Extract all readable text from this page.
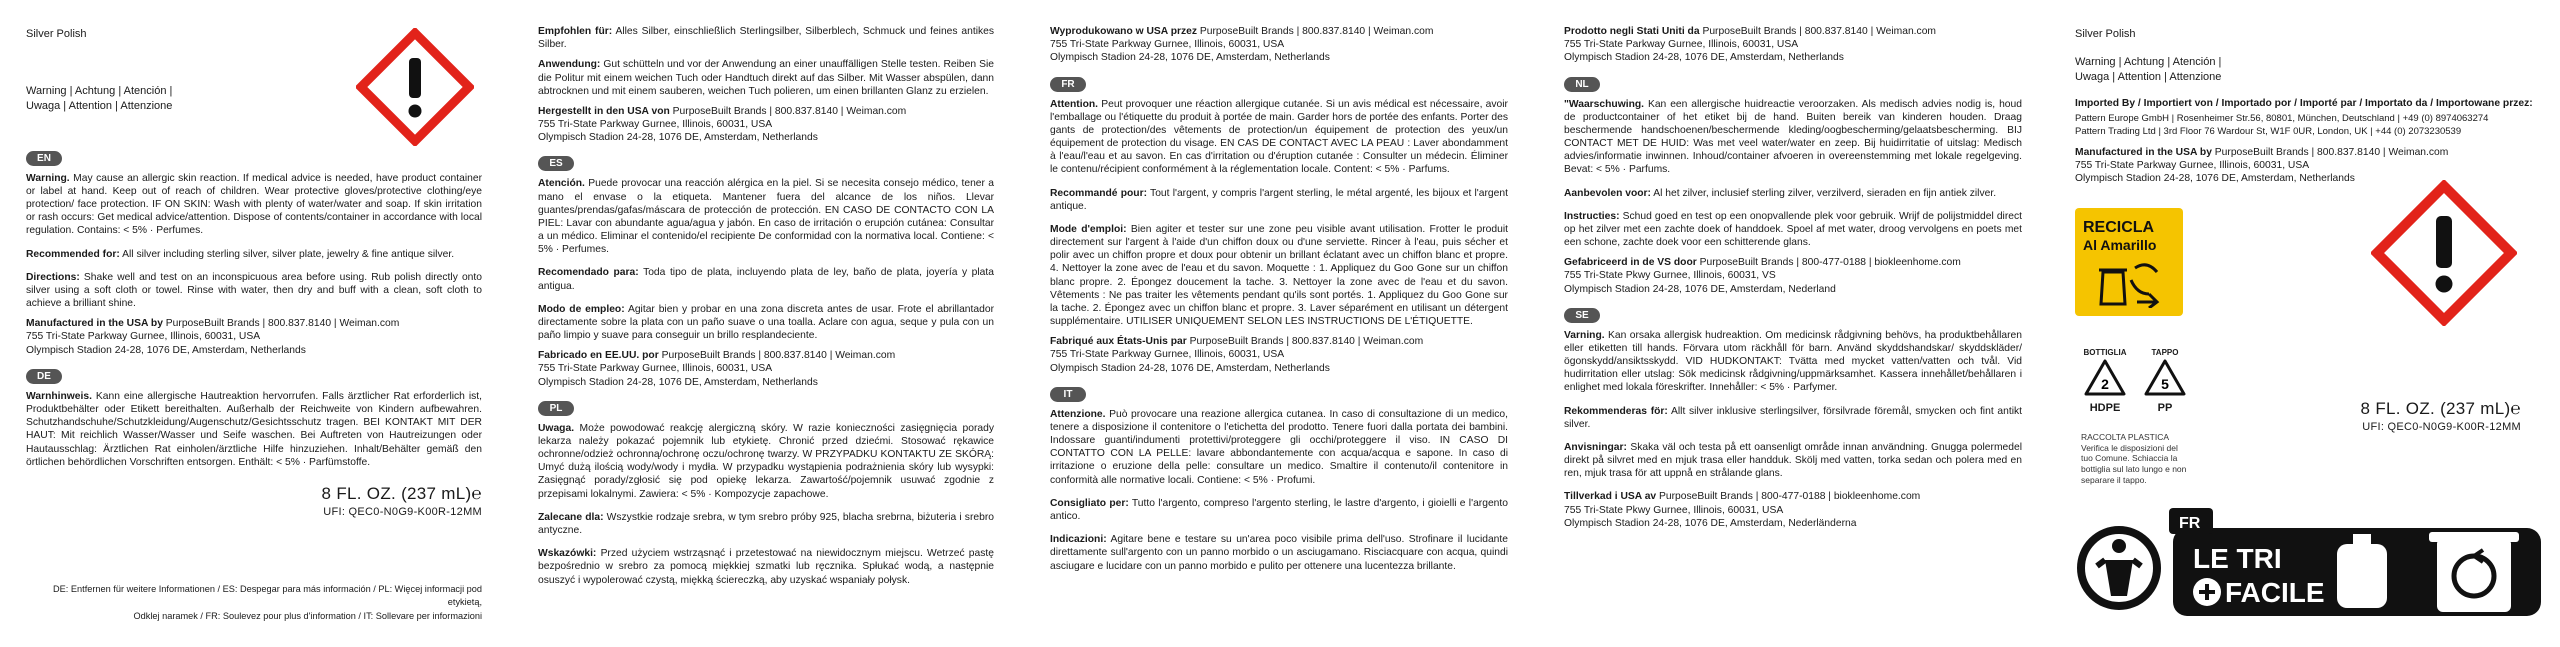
Silver Polish
Warning | Achtung | Atención |
Uwaga | Attention | Attenzione
EN

Warning. May cause an allergic skin reaction. If medical advice is needed, have product container or label at hand. Keep out of reach of children. Wear protective gloves/protective clothing/eye protection/ face protection. IF ON SKIN: Wash with plenty of water/water and soap. If skin irritation or rash occurs: Get medical advice/attention. Dispose of contents/container in accordance with local regulation. Contains: < 5% · Perfumes.

Recommended for: All silver including sterling silver, silver plate, jewelry & fine antique silver.

Directions: Shake well and test on an inconspicuous area before using. Rub polish directly onto silver using a soft cloth or towel. Rinse with water, then dry and buff with a clean, soft cloth to achieve a brilliant shine.

Manufactured in the USA by PurposeBuilt Brands | 800.837.8140 | Weiman.com
755 Tri-State Parkway Gurnee, Illinois, 60031, USA
Olympisch Stadion 24-28, 1076 DE, Amsterdam, Netherlands
DE

Warnhinweis. Kann eine allergische Hautreaktion hervorrufen. Falls ärztlicher Rat erforderlich ist, Produktbehälter oder Etikett bereithalten. Außerhalb der Reichweite von Kindern aufbewahren. Schutzhandschuhe/Schutzkleidung/Augenschutz/Gesichtsschutz tragen. BEI KONTAKT MIT DER HAUT: Mit reichlich Wasser/Wasser und Seife waschen. Bei Auftreten von Hautreizungen oder Hautausschlag: Ärztlichen Rat einholen/ärztliche Hilfe hinzuziehen. Inhalt/Behälter gemäß den örtlichen behördlichen Vorschriften entsorgen. Enthält: < 5% · Parfümstoffe.

8 FL. OZ. (237 mL)℮
UFI: QEC0-N0G9-K00R-12MM
DE: Entfernen für weitere Informationen / ES: Despegar para más información / PL: Więcej informacji pod etykietą,
Odklej naramek / FR: Soulevez pour plus d'information / IT: Sollevare per informazioni

Empfohlen für: Alles Silber, einschließlich Sterlingsilber, Silberblech, Schmuck und feines antikes Silber.

Anwendung: Gut schütteln und vor der Anwendung an einer unauffälligen Stelle testen. Reiben Sie die Politur mit einem weichen Tuch oder Handtuch direkt auf das Silber. Mit Wasser abspülen, dann abtrocknen und mit einem sauberen, weichen Tuch polieren, um einen brillanten Glanz zu erzielen.

Hergestellt in den USA von PurposeBuilt Brands | 800.837.8140 | Weiman.com
755 Tri-State Parkway Gurnee, Illinois, 60031, USA
Olympisch Stadion 24-28, 1076 DE, Amsterdam, Netherlands
ES

Atención. Puede provocar una reacción alérgica en la piel. Si se necesita consejo médico, tener a mano el envase o la etiqueta. Mantener fuera del alcance de los niños. Llevar guantes/prendas/gafas/máscara de protección de protección. EN CASO DE CONTACTO CON LA PIEL: Lavar con abundante agua/agua y jabón. En caso de irritación o erupción cutánea: Consultar a un médico. Eliminar el contenido/el recipiente De conformidad con la normativa local. Contiene: < 5% · Perfumes.

Recomendado para: Toda tipo de plata, incluyendo plata de ley, baño de plata, joyería y plata antigua.

Modo de empleo: Agitar bien y probar en una zona discreta antes de usar. Frote el abrillantador directamente sobre la plata con un paño suave o una toalla. Aclare con agua, seque y pula con un paño limpio y suave para conseguir un brillo resplandeciente.

Fabricado en EE.UU. por PurposeBuilt Brands | 800.837.8140 | Weiman.com
755 Tri-State Parkway Gurnee, Illinois, 60031, USA
Olympisch Stadion 24-28, 1076 DE, Amsterdam, Netherlands
PL

Uwaga. Może powodować reakcję alergiczną skóry. W razie konieczności zasięgnięcia porady lekarza należy pokazać pojemnik lub etykietę. Chronić przed dziećmi. Stosować rękawice ochronne/odzież ochronną/ochronę oczu/ochronę twarzy. W PRZYPADKU KONTAKTU ZE SKÓRĄ: Umyć dużą ilością wody/wody i mydła. W przypadku wystąpienia podrażnienia skóry lub wysypki: Zasięgnąć porady/zgłosić się pod opiekę lekarza. Zawartość/pojemnik usuwać zgodnie z przepisami lokalnymi. Zawiera: < 5% · Kompozycje zapachowe.

Zalecane dla: Wszystkie rodzaje srebra, w tym srebro próby 925, blacha srebrna, biżuteria i srebro antyczne.

Wskazówki: Przed użyciem wstrząsnąć i przetestować na niewidocznym miejscu. Wetrzeć pastę bezpośrednio w srebro za pomocą miękkiej szmatki lub ręcznika. Spłukać wodą, a następnie osuszyć i wypolerować czystą, miękką ściereczką, aby uzyskać wspaniały połysk.

Wyprodukowano w USA przez PurposeBuilt Brands | 800.837.8140 | Weiman.com
755 Tri-State Parkway Gurnee, Illinois, 60031, USA
Olympisch Stadion 24-28, 1076 DE, Amsterdam, Netherlands
FR

Attention. Peut provoquer une réaction allergique cutanée. Si un avis médical est nécessaire, avoir l'emballage ou l'étiquette du produit à portée de main. Garder hors de portée des enfants. Porter des gants de protection/des vêtements de protection/un équipement de protection des yeux/un équipement de protection du visage. EN CAS DE CONTACT AVEC LA PEAU : Laver abondamment à l'eau/l'eau et au savon. En cas d'irritation ou d'éruption cutanée : Consulter un médecin. Éliminer le contenu/récipient conformément à la réglementation locale. Content: < 5% · Parfums.

Recommandé pour: Tout l'argent, y compris l'argent sterling, le métal argenté, les bijoux et l'argent antique.

Mode d'emploi: Bien agiter et tester sur une zone peu visible avant utilisation. Frotter le produit directement sur l'argent à l'aide d'un chiffon doux ou d'une serviette. Rincer à l'eau, puis sécher et polir avec un chiffon propre et doux pour obtenir un brillant éclatant avec un chiffon blanc et propre. 4. Nettoyer la zone avec de l'eau et du savon. Moquette : 1. Appliquez du Goo Gone sur un chiffon blanc propre. 2. Épongez doucement la tache. 3. Nettoyer la zone avec de l'eau et du savon. Vêtements : Ne pas traiter les vêtements pendant qu'ils sont portés. 1. Appliquez du Goo Gone sur la tache. 2. Épongez avec un chiffon blanc et propre. 3. Laver séparément en utilisant un détergent supplémentaire. UTILISER UNIQUEMENT SELON LES INSTRUCTIONS DE L'ÉTIQUETTE.

Fabriqué aux États-Unis par PurposeBuilt Brands | 800.837.8140 | Weiman.com
755 Tri-State Parkway Gurnee, Illinois, 60031, USA
Olympisch Stadion 24-28, 1076 DE, Amsterdam, Netherlands
IT

Attenzione. Può provocare una reazione allergica cutanea. In caso di consultazione di un medico, tenere a disposizione il contenitore o l'etichetta del prodotto. Tenere fuori dalla portata dei bambini. Indossare guanti/indumenti protettivi/proteggere gli occhi/proteggere il viso. IN CASO DI CONTATTO CON LA PELLE: lavare abbondantemente con acqua/acqua e sapone. In caso di irritazione o eruzione della pelle: consultare un medico. Smaltire il contenuto/il contenitore in conformità alle normative locali. Contiene: < 5% · Profumi.

Consigliato per: Tutto l'argento, compreso l'argento sterling, le lastre d'argento, i gioielli e l'argento antico.

Indicazioni: Agitare bene e testare su un'area poco visibile prima dell'uso. Strofinare il lucidante direttamente sull'argento con un panno morbido o un asciugamano. Risciacquare con acqua, quindi asciugare e lucidare con un panno morbido e pulito per ottenere una lucentezza brillante.

Prodotto negli Stati Uniti da PurposeBuilt Brands | 800.837.8140 | Weiman.com
755 Tri-State Parkway Gurnee, Illinois, 60031, USA
Olympisch Stadion 24-28, 1076 DE, Amsterdam, Netherlands
NL

"Waarschuwing. Kan een allergische huidreactie veroorzaken. Als medisch advies nodig is, houd de productcontainer of het etiket bij de hand. Buiten bereik van kinderen houden. Draag beschermende handschoenen/beschermende kleding/oogbescherming/gelaatsbescherming. BIJ CONTACT MET DE HUID: Was met veel water/water en zeep. Bij huidirritatie of uitslag: Medisch advies/informatie inwinnen. Inhoud/container afvoeren in overeenstemming met lokale regelgeving. Bevat: < 5% · Parfums.

Aanbevolen voor: Al het zilver, inclusief sterling zilver, verzilverd, sieraden en fijn antiek zilver.

Instructies: Schud goed en test op een onopvallende plek voor gebruik. Wrijf de polijstmiddel direct op het zilver met een zachte doek of handdoek. Spoel af met water, droog vervolgens en poets met een schone, zachte doek voor een schitterende glans.

Gefabriceerd in de VS door PurposeBuilt Brands | 800-477-0188 | biokleenhome.com
755 Tri-State Pkwy Gurnee, Illinois, 60031, VS
Olympisch Stadion 24-28, 1076 DE, Amsterdam, Nederland
SE

Varning. Kan orsaka allergisk hudreaktion. Om medicinsk rådgivning behövs, ha produktbehållaren eller etiketten till hands. Förvara utom räckhåll för barn. Använd skyddshandskar/ skyddskläder/ögonskydd/ansiktsskydd. VID HUDKONTAKT: Tvätta med mycket vatten/vatten och tvål. Vid hudirritation eller utslag: Sök medicinsk rådgivning/uppmärksamhet. Kassera innehållet/behållaren i enlighet med lokala föreskrifter. Innehåller: < 5% · Parfymer.

Rekommenderas för: Allt silver inklusive sterlingsilver, försilvrade föremål, smycken och fint antikt silver.

Anvisningar: Skaka väl och testa på ett oansenligt område innan användning. Gnugga polermedel direkt på silvret med en mjuk trasa eller handduk. Skölj med vatten, torka sedan och polera med en ren, mjuk trasa för att uppnå en strålande glans.

Tillverkad i USA av PurposeBuilt Brands | 800-477-0188 | biokleenhome.com
755 Tri-State Pkwy Gurnee, Illinois, 60031, USA
Olympisch Stadion 24-28, 1076 DE, Amsterdam, Nederländerna
Silver Polish
Warning | Achtung | Atención |
Uwaga | Attention | Attenzione
Imported By / Importiert von / Importado por / Importé par / Importato da / Importowane przez:
Pattern Europe GmbH | Rosenheimer Str.56, 80801, München, Deutschland | +49 (0) 8974063274
Pattern Trading Ltd | 3rd Floor 76 Wardour St, W1F 0UR, London, UK | +44 (0) 2073230539
Manufactured in the USA by PurposeBuilt Brands | 800.837.8140 | Weiman.com
755 Tri-State Parkway Gurnee, Illinois, 60031, USA
Olympisch Stadion 24-28, 1076 DE, Amsterdam, Netherlands
RECICLA
Al Amarillo
BOTTIGLIA
2
HDPE
TAPPO
5
PP
RACCOLTA PLASTICA Verifica le disposizioni del tuo Comune. Schiaccia la bottiglia sul lato lungo e non separare il tappo.
8 FL. OZ. (237 mL)℮
UFI: QEC0-N0G9-K00R-12MM
FR
LE TRI
FACILE
